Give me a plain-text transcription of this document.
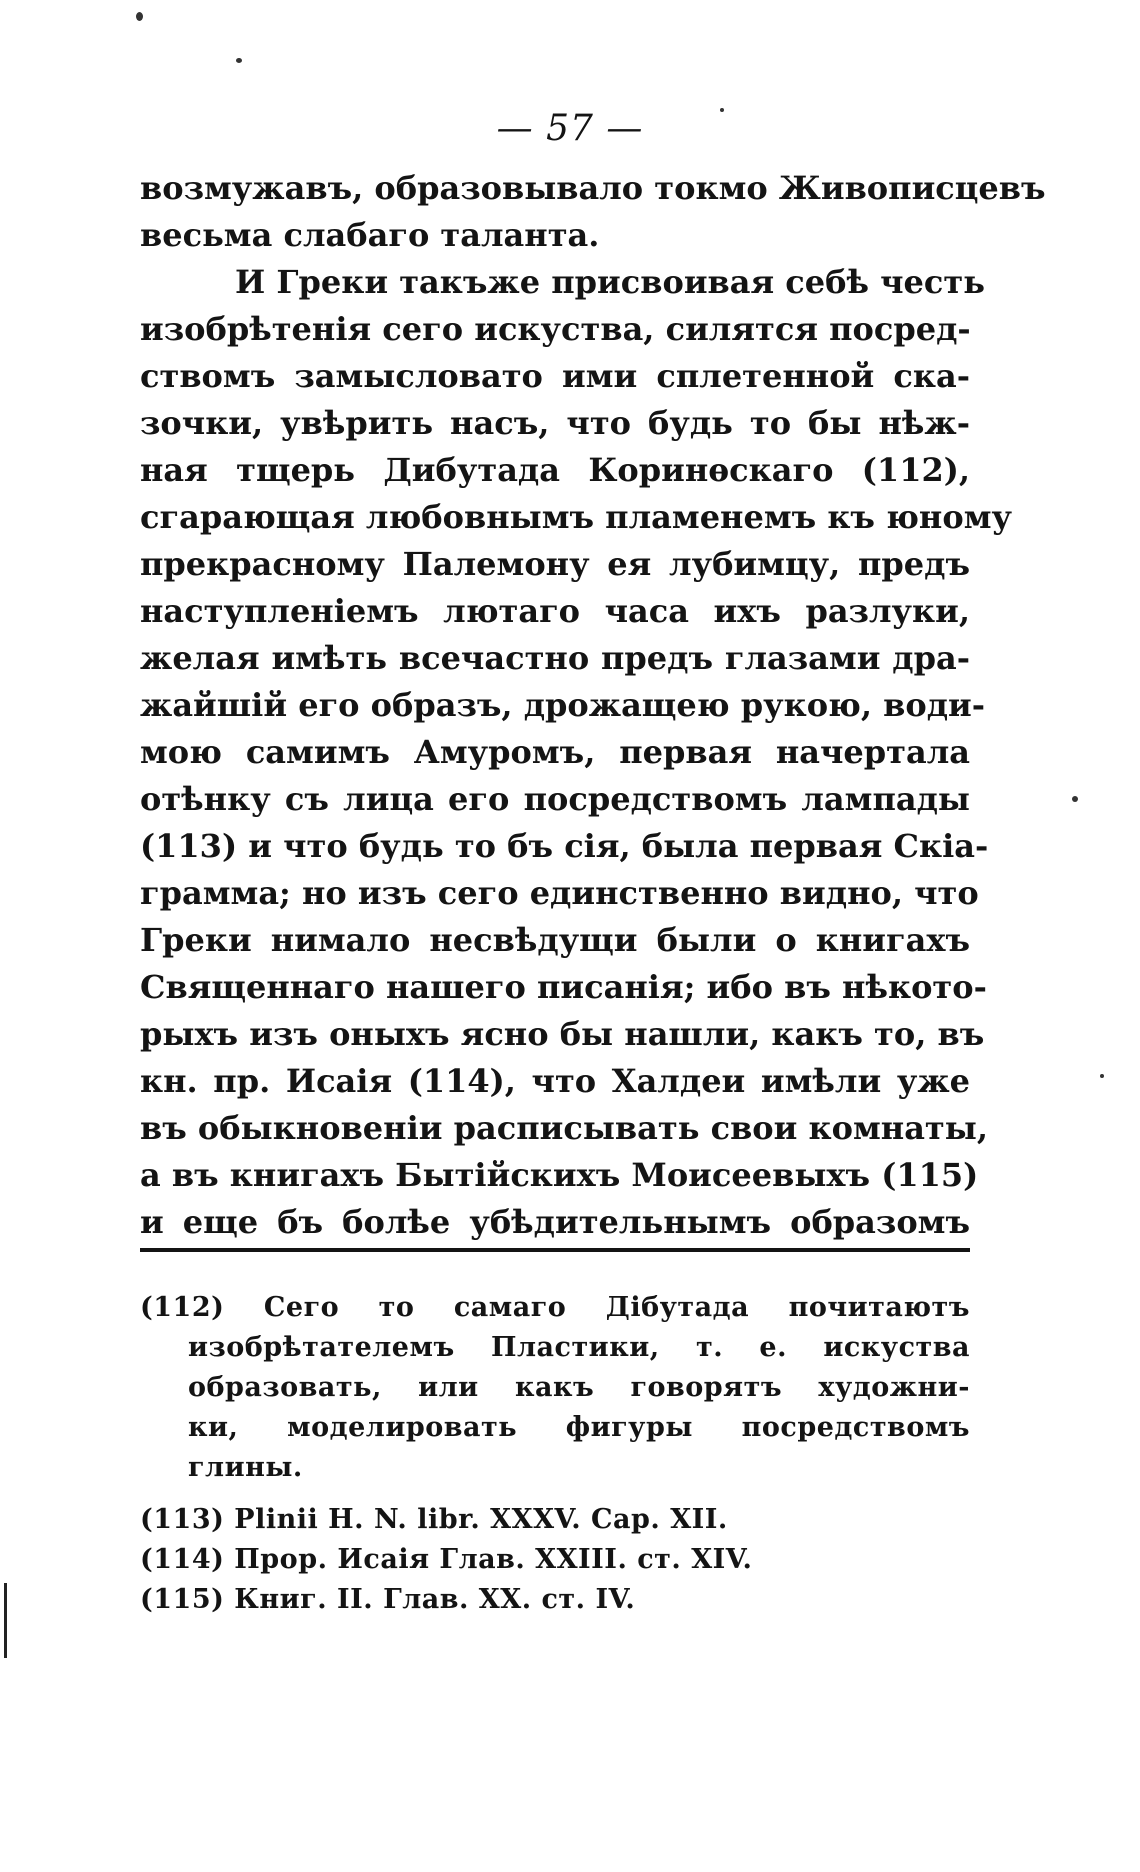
— 57 —
возмужавъ, образовывало токмо Живописцевъ
весьма слабаго таланта.
И Греки такъже присвоивая себѣ честь
изобрѣтенія сего искуства, силятся посред-
ствомъ замысловато ими сплетенной ска-
зочки, увѣрить насъ, что будь то бы нѣж-
ная тщерь Дибутада Коринѳскаго (112),
сгарающая любовнымъ пламенемъ къ юному
прекрасному Палемону ея лубимцу, предъ
наступленіемъ лютаго часа ихъ разлуки,
желая имѣть всечастно предъ глазами дра-
жайшій его образъ, дрожащею рукою, води-
мою самимъ Амуромъ, первая начертала
отѣнку съ лица его посредствомъ лампады
(113) и что будь то бъ сія, была первая Скіа-
грамма; но изъ сего единственно видно, что
Греки нимало несвѣдущи были о книгахъ
Священнаго нашего писанія; ибо въ нѣкото-
рыхъ изъ оныхъ ясно бы нашли, какъ то, въ
кн. пр. Исаія (114), что Халдеи имѣли уже
въ обыкновеніи расписывать свои комнаты,
а въ книгахъ Бытійскихъ Моисеевыхъ (115)
и еще бъ болѣе убѣдительнымъ образомъ
(112) Сего то самаго Дібутада почитаютъ
изобрѣтателемъ Пластики, т. е. искуства
образовать, или какъ говорятъ художни-
ки, моделировать фигуры посредствомъ
глины.
(113) Plinii H. N. libr. XXXV. Cap. XII.
(114) Прор. Исаія Глав. XXIII. ст. XIV.
(115) Книг. II. Глав. XX. ст. IV.
